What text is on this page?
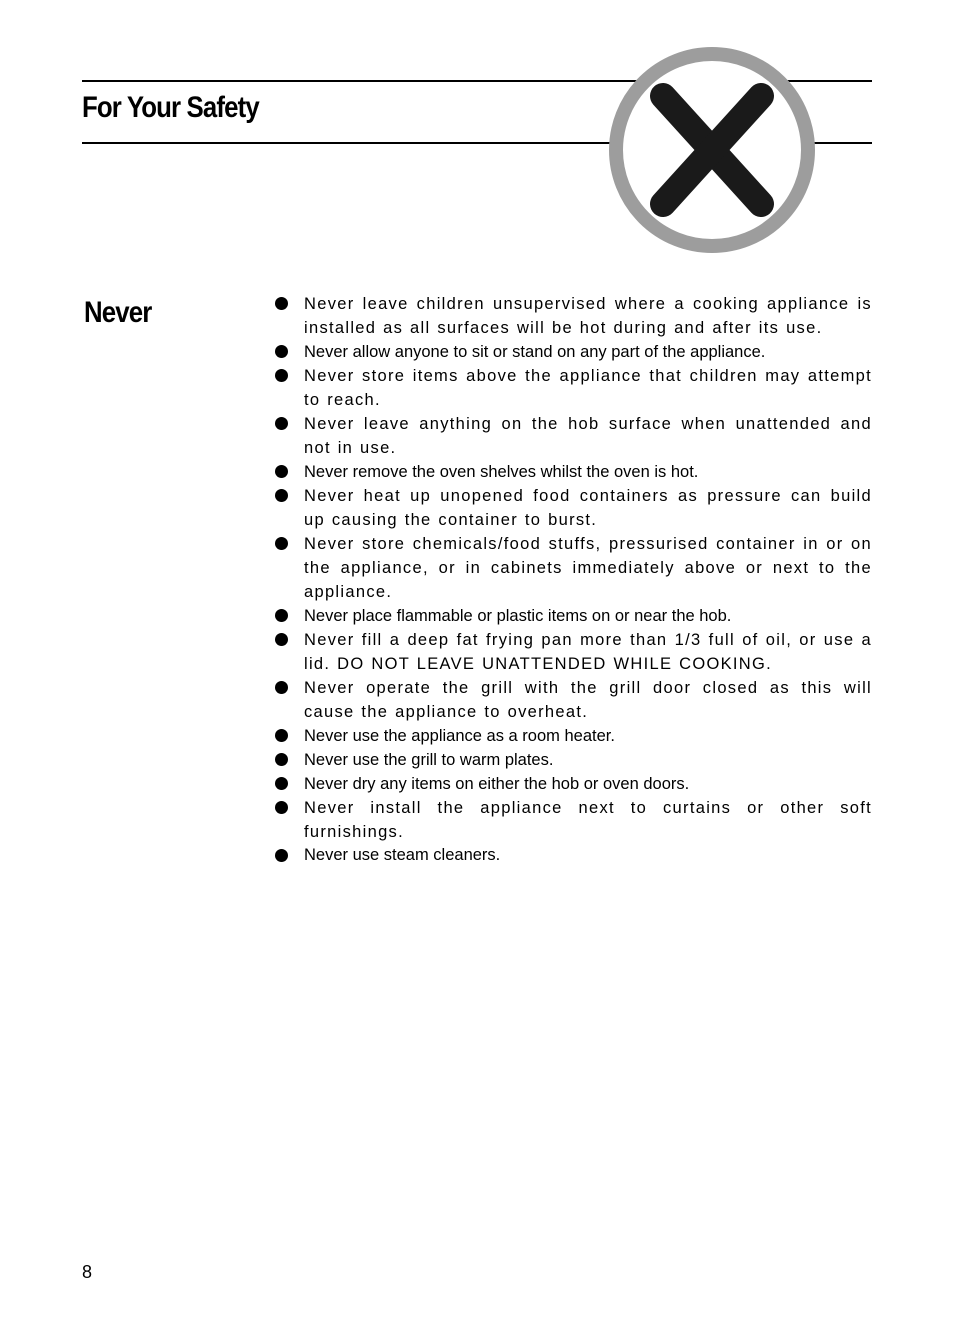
For Your Safety
Never	Never leave children unsupervised where a cooking appliance is installed as all surfaces will be hot during and after its use.
Never allow anyone to sit or stand on any part of the appliance.
Never store items above the appliance that children may attempt to reach.
Never leave anything on the hob surface when unattended and not in use.
Never remove the oven shelves whilst the oven is hot.
Never heat up unopened food containers as pressure can build up causing the container to burst.
Never store chemicals/food stuffs, pressurised container in or on the appliance, or in cabinets immediately above or next to the appliance.
Never place flammable or plastic items on or near the hob.
Never fill a deep fat frying pan more than 1/3 full of oil, or use a lid. DO NOT LEAVE UNATTENDED WHILE COOKING.
Never operate the grill with the grill door closed as this will cause the appliance to overheat.
Never use the appliance as a room heater.
Never use the grill to warm plates.
Never dry any items on either the hob or oven doors.
Never install the appliance next to curtains or other soft furnishings.
Never use steam cleaners.
8
